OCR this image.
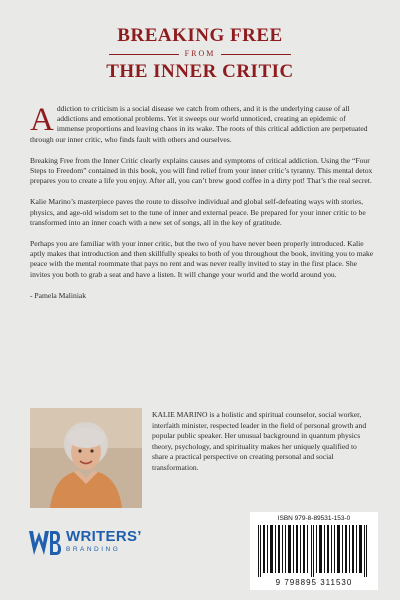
BREAKING FREE
FROM
THE INNER CRITIC

Addiction to criticism is a social disease we catch from others, and it is the underlying cause of all addictions and emotional problems. Yet it sweeps our world unnoticed, creating an epidemic of immense proportions and leaving chaos in its wake. The roots of this critical addiction are perpetuated through our inner critic, who finds fault with others and ourselves.

Breaking Free from the Inner Critic clearly explains causes and symptoms of critical addiction. Using the “Four Steps to Freedom” contained in this book, you will find relief from your inner critic’s tyranny. This mental detox prepares you to create a life you enjoy. After all, you can’t brew good coffee in a dirty pot! That’s the real secret.

Kalie Marino’s masterpiece paves the route to dissolve individual and global self-defeating ways with stories, physics, and age-old wisdom set to the tune of inner and external peace. Be prepared for your inner critic to be transformed into an inner coach with a new set of songs, all in the key of gratitude.

Perhaps you are familiar with your inner critic, but the two of you have never been properly introduced. Kalie aptly makes that introduction and then skillfully speaks to both of you throughout the book, inviting you to make peace with the mental roommate that pays no rent and was never really invited to stay in the first place. She invites you both to grab a seat and have a listen. It will change your world and the world around you.

- Pamela Maliniak

KALIE MARINO is a holistic and spiritual counselor, social worker, interfaith minister, respected leader in the field of personal growth and popular public speaker. Her unusual background in quantum physics theory, psychology, and spirituality makes her uniquely qualified to share a practical perspective on creating personal and social transformation.
WRITERS’
BRANDING
ISBN 979-8-89531-153-0
9 798895 311530
